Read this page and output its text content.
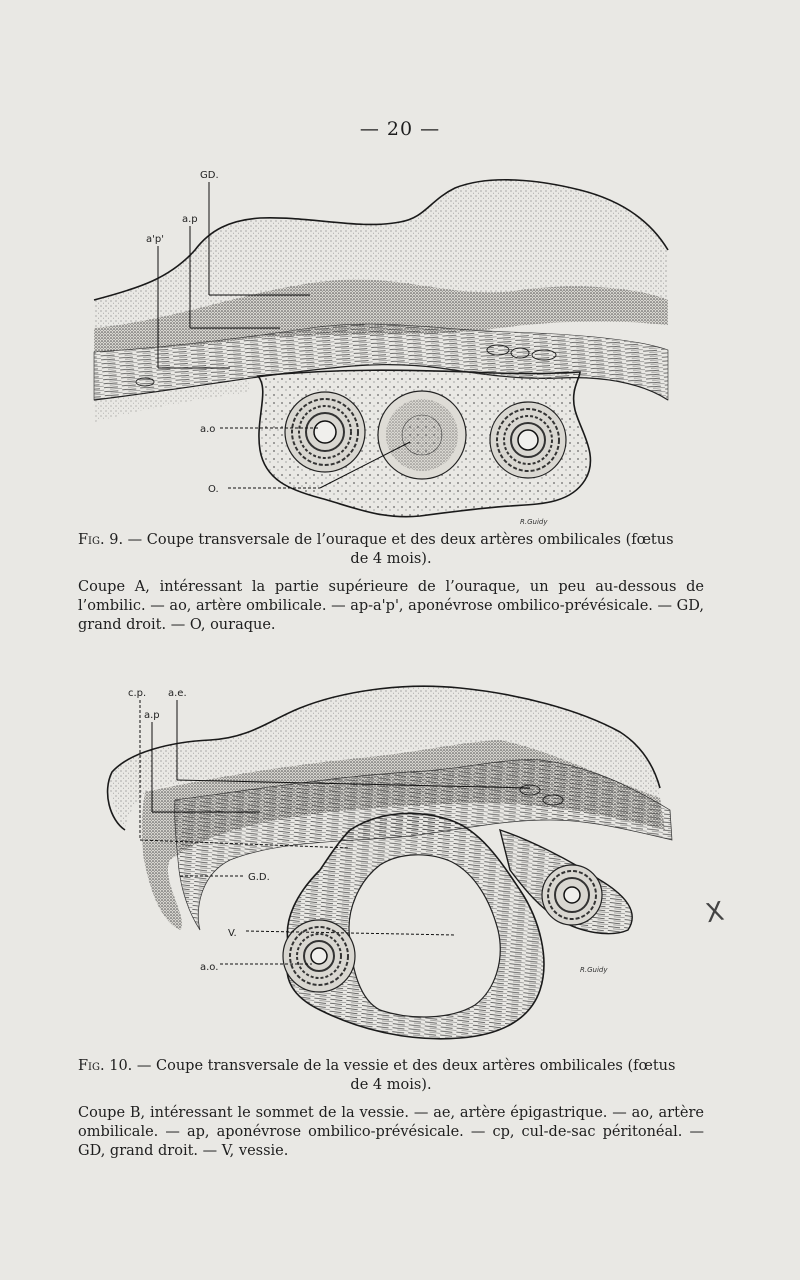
— 20 —
GD.
a.p
a'p'
a.o
O.
R.Guidy
Fig. 9. — Coupe transversale de l’ouraque et des deux artères ombilicales (fœtus
de 4 mois).
Coupe A, intéressant la partie supérieure de l’ouraque, un peu au-dessous de l’ombilic. — ao, artère ombilicale. — ap-a'p', aponévrose ombilico-prévésicale. — GD, grand droit. — O, ouraque.
c.p. a.e.
a.p
G.D.
V.
a.o.	R.Guidy
Fig. 10. — Coupe transversale de la vessie et des deux artères ombilicales (fœtus
de 4 mois).
Coupe B, intéressant le sommet de la vessie. — ae, artère épigastrique. — ao, artère ombilicale. — ap, aponévrose ombilico-prévésicale. — cp, cul-de-sac péritonéal. — GD, grand droit. — V, vessie.
X
